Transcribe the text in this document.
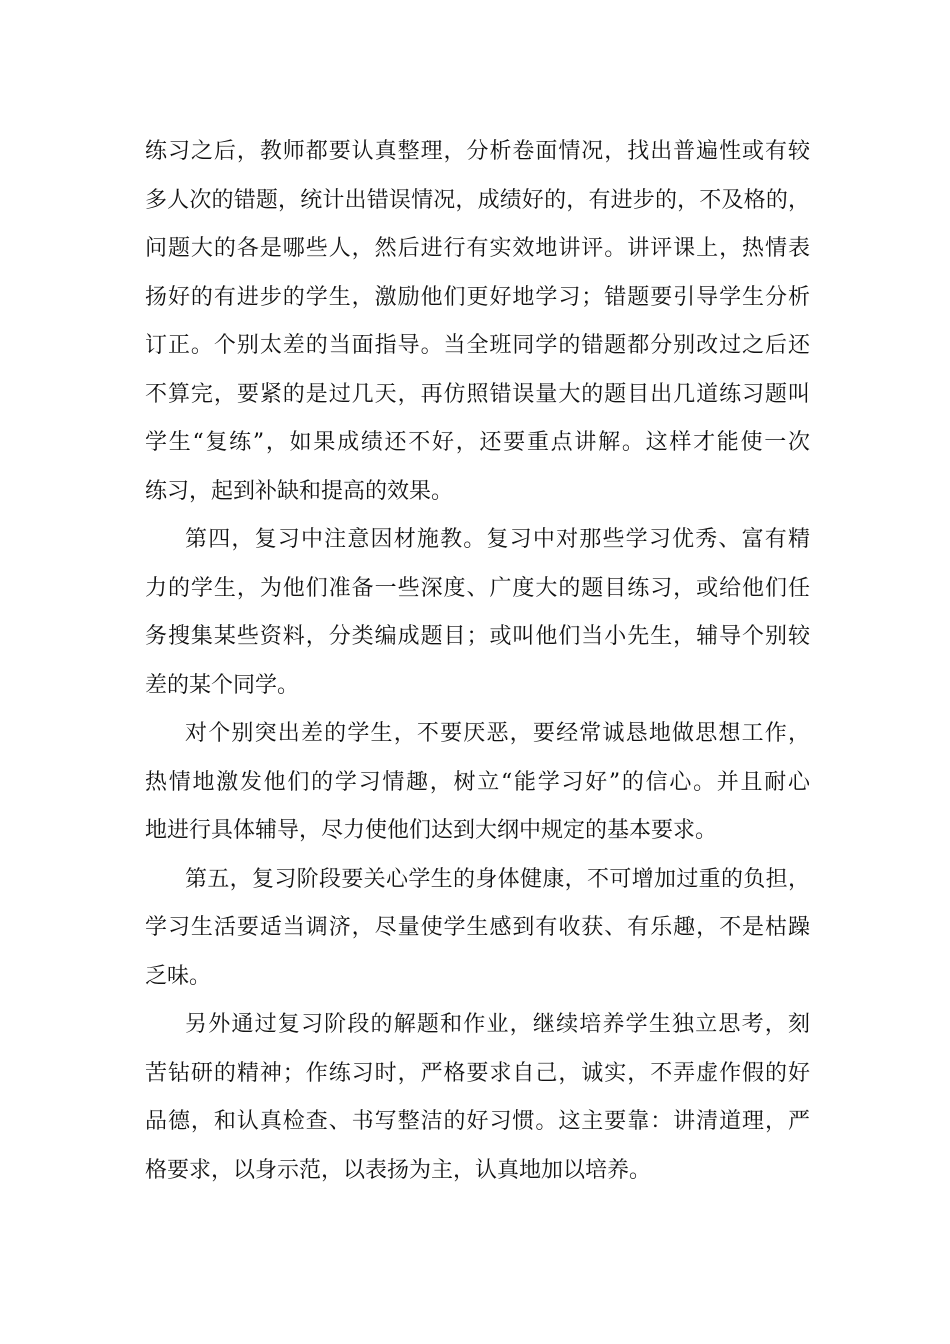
练习之后，教师都要认真整理，分析卷面情况，找出普遍性或有较
多人次的错题，统计出错误情况，成绩好的，有进步的，不及格的，
问题大的各是哪些人，然后进行有实效地讲评。讲评课上，热情表
扬好的有进步的学生，激励他们更好地学习；错题要引导学生分析
订正。个别太差的当面指导。当全班同学的错题都分别改过之后还
不算完，要紧的是过几天，再仿照错误量大的题目出几道练习题叫
学生“复练”，如果成绩还不好，还要重点讲解。这样才能使一次
练习，起到补缺和提高的效果。
第四，复习中注意因材施教。复习中对那些学习优秀、富有精
力的学生，为他们准备一些深度、广度大的题目练习，或给他们任
务搜集某些资料，分类编成题目；或叫他们当小先生，辅导个别较
差的某个同学。
对个别突出差的学生，不要厌恶，要经常诚恳地做思想工作，
热情地激发他们的学习情趣，树立“能学习好”的信心。并且耐心
地进行具体辅导，尽力使他们达到大纲中规定的基本要求。
第五，复习阶段要关心学生的身体健康，不可增加过重的负担，
学习生活要适当调济，尽量使学生感到有收获、有乐趣，不是枯躁
乏味。
另外通过复习阶段的解题和作业，继续培养学生独立思考，刻
苦钻研的精神；作练习时，严格要求自己，诚实，不弄虚作假的好
品德，和认真检查、书写整洁的好习惯。这主要靠：讲清道理，严
格要求，以身示范，以表扬为主，认真地加以培养。
